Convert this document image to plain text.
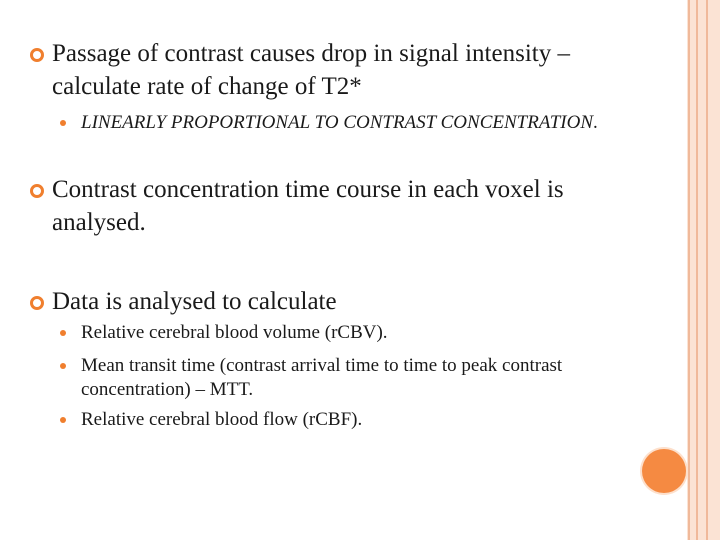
Passage of contrast causes drop in signal intensity –calculate rate of change of T2*
LINEARLY PROPORTIONAL TO CONTRAST CONCENTRATION.
Contrast concentration time course in each voxel is analysed.
Data is analysed to calculate
Relative cerebral blood volume (rCBV).
Mean transit time (contrast arrival time to time to peak contrast concentration) – MTT.
Relative cerebral blood flow (rCBF).
